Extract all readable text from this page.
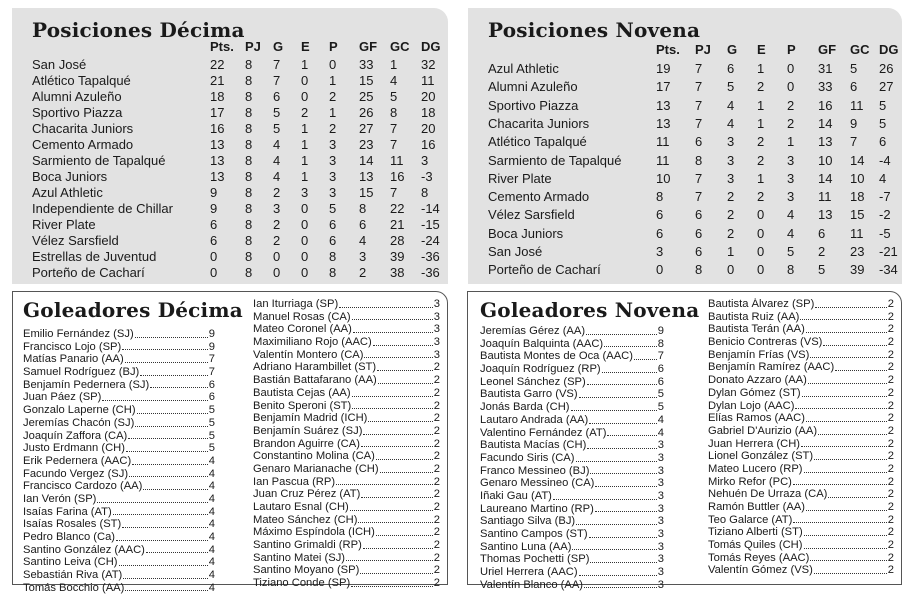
Posiciones Décima
Pts. PJ G E P GF GC DG
San José	22 8 7 1 0 33 1 32
Atlético Tapalqué	21 8 7 0 1 15 4 11
Alumni Azuleño	18 8 6 0 2 25 5 20
Sportivo Piazza	17 8 5 2 1 26 8 18
Chacarita Juniors	16 8 5 1 2 27 7 20
Cemento Armado	13 8 4 1 3 23 7 16
Sarmiento de Tapalqué	13 8 4 1 3 14 11 3
Boca Juniors	13 8 4 1 3 13 16 -3
Azul Athletic	9 8 2 3 3 15 7 8
Independiente de Chillar	9 8 3 0 5 8 22 -14
River Plate	6 8 2 0 6 6 21 -15
Vélez Sarsfield	6 8 2 0 6 4 28 -24
Estrellas de Juventud	0 8 0 0 8 3 39 -36
Porteño de Cacharí	0 8 0 0 8 2 38 -36
Posiciones Novena
Pts. PJ G E P GF GC DG
Azul Athletic	19 7 6 1 0 31 5 26
Alumni Azuleño	17 7 5 2 0 33 6 27
Sportivo Piazza	13 7 4 1 2 16 11 5
Chacarita Juniors	13 7 4 1 2 14 9 5
Atlético Tapalqué	11 6 3 2 1 13 7 6
Sarmiento de Tapalqué	11 8 3 2 3 10 14 -4
River Plate	10 7 3 1 3 14 10 4
Cemento Armado	8 7 2 2 3 11 18 -7
Vélez Sarsfield	6 6 2 0 4 13 15 -2
Boca Juniors	6 6 2 0 4 6 11 -5
San José	3 6 1 0 5 2 23 -21
Porteño de Cacharí	0 8 0 0 8 5 39 -34
Goleadores Décima
Emilio Fernández (SJ)	9
Francisco Lojo (SP)	9
Matías Panario (AA)	7
Samuel Rodríguez (BJ)	7
Benjamín Pedernera (SJ)	6
Juan Páez (SP)	6
Gonzalo Laperne (CH)	5
Jeremías Chacón (SJ)	5
Joaquín Zaffora (CA)	5
Justo Erdmann (CH)	5
Erik Pedernera (AAC)	4
Facundo Vergez (SJ)	4
Francisco Cardozo (AA)	4
Ian Verón (SP)	4
Isaías Farina (AT)	4
Isaías Rosales (ST)	4
Pedro Blanco (Ca)	4
Santino González (AAC)	4
Santino Leiva (CH)	4
Sebastián Riva (AT)	4
Tomás Bocchio (AA)	4
Ian Iturriaga (SP)	3
Manuel Rosas (CA)	3
Mateo Coronel (AA)	3
Maximiliano Rojo (AAC)	3
Valentín Montero (CA)	3
Adriano Harambillet (ST)	2
Bastián Battafarano (AA)	2
Bautista Cejas (AA)	2
Benito Speroni (ST)	2
Benjamín Madrid (ICH)	2
Benjamín Suárez (SJ)	2
Brandon Aguirre (CA)	2
Constantino Molina (CA)	2
Genaro Marianache (CH)	2
Ian Pascua (RP)	2
Juan Cruz Pérez (AT)	2
Lautaro Esnal (CH)	2
Mateo Sánchez (CH)	2
Máximo Espíndola (ICH)	2
Santino Grimaldi (RP)	2
Santino Matei (SJ)	2
Santino Moyano (SP)	2
Tiziano Conde (SP)	2
Goleadores Novena
Jeremías Gérez (AA)	9
Joaquín Balquinta (AAC)	8
Bautista Montes de Oca (AAC) 7
Joaquín Rodríguez (RP)	6
Leonel Sánchez (SP)	6
Bautista Garro (VS)	5
Jonás Barda (CH)	5
Lautaro Andrada (AA)	4
Valentino Fernández (AT)	4
Bautista Macías (CH)	3
Facundo Siris (CA)	3
Franco Messineo (BJ)	3
Genaro Messineo (CA)	3
Iñaki Gau (AT)	3
Laureano Martino (RP)	3
Santiago Silva (BJ)	3
Santino Campos (ST)	3
Santino Luna (AA)	3
Thomas Pochetti (SP)	3
Uriel Herrera (AAC)	3
Valentín Blanco (AA)	3
Bautista Álvarez (SP)	2
Bautista Ruiz (AA)	2
Bautista Terán (AA)	2
Benicio Contreras (VS)	2
Benjamín Frías (VS)	2
Benjamín Ramírez (AAC)	2
Donato Azzaro (AA)	2
Dylan Gómez (ST)	2
Dylan Lojo (AAC)	2
Elías Ramos (AAC)	2
Gabriel D'Aurizio (AA)	2
Juan Herrera (CH)	2
Lionel González (ST)	2
Mateo Lucero (RP)	2
Mirko Refor (PC)	2
Nehuén De Urraza (CA)	2
Ramón Buttler (AA)	2
Teo Galarce (AT)	2
Tiziano Alberti (ST)	2
Tomás Quiles (CH)	2
Tomás Reyes (AAC)	2
Valentín Gómez (VS)	2
